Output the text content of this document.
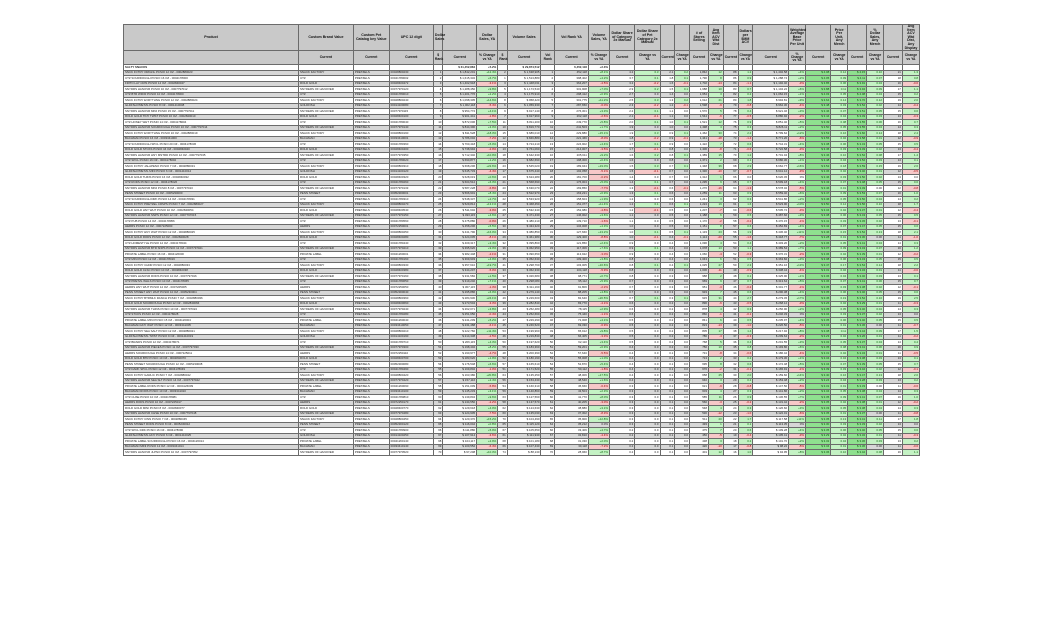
Product	Custom Brand Value	Custom Pet Catalog key Value	UPC 12 digit	Dollar Sales		Dollar Sales, YA		Volume Sales		Vol Rank YA	Volume Sales, YA	Dollar Share of Category 2x Manual	Dollar Share of Pet Category 2x Manual			# of Stores Selling	Avg Item ACV Wtd Dist		Dollars per $MM ACV		Weighted Average Base Price Per Unit		Price Per Unit, Any Merch		% Dollar Sales, Any Merch		Avg Item ACV Wtd Dist, Any Display
	Current	Current	Current	$ Rank	Current	% Change vs YA	$ Rank	Current	Vol Rank	Current	% Change vs YA	Current	Change vs YA	Current	Change vs YA	Current	Change vs YA	Current	Change vs YA	Current	% Change vs YA	Current	Change vs YA	Current	Change vs YA	Current	Change vs YA
SALTY SNACKS					$ 31,452,884	+5.2%		$ 29,874,512		6,452,118	+2.3%																
SNCK FCTRY ORIGNL PCSIO 12 OZ - 0002880023	SNACK FACTORY	PRETZELS	00028800230	1	$ 1,842,201	+12.4%	2	$ 1,638,905	1	452,118	+8.1%	4.2	0.3	2.1	0.2	1,842	12	88	1.2	$ 1,402.58	+4%	$ 4.08	0.12	$ 4.15	0.10	21	1.3
UTZ SOURDOUGH PCSIO 16 OZ - 0004178000	UTZ	PRETZELS	00041780002	2	$ 1,615,332	+6.7%	1	$ 1,513,880	2	398,402	+4.2%	3.7	0.1	1.8	0.1	1,790	8	86	0.9	$ 1,288.74	+2%	$ 4.05	0.09	$ 4.11	0.07	18	0.8
FRITO LAY CRIS PCSIO 14 OZ - 0002840047	ROLD GOLD	PRETZELS	00028400472	3	$ 1,402,918	-3.1%	3	$ 1,448,031	3	364,207	-4.5%	3.2	-0.2	1.6	-0.1	1,702	-14	84	-1.1	$ 1,192.40	-3%	$ 3.85	0.06	$ 3.91	0.04	16	-0.6
SNYDRS HANOVR PCSIO 16 OZ - 0007797012	SNYDERS OF HANOVER	PRETZELS	00077970120	4	$ 1,288,450	+9.8%	5	$ 1,173,540	4	331,908	+7.0%	2.9	0.2	1.5	0.1	1,688	10	83	0.7	$ 1,104.22	+6%	$ 3.88	0.11	$ 3.94	0.09	17	1.1
UTZ BTR WFFR PCSIO 10 OZ - 0004178000	UTZ	PRETZELS	00041780010	5	$ 1,201,776	+2.2%	4	$ 1,175,910	6	298,412	+0.9%	2.7	0.0	1.4	0.0	1,654	3	82	0.2	$ 1,062.15	+1%	$ 4.03	0.05	$ 4.08	0.04	15	0.2
SNCK FCTRY EVRYTHNG PCSIO 12 OZ - 0002880024	SNACK FACTORY	PRETZELS	00028800240	6	$ 1,098,305	+14.6%	8	$ 958,420	5	301,775	+11.2%	2.5	0.3	1.3	0.2	1,612	21	80	1.8	$ 994.81	+9%	$ 3.64	0.14	$ 3.70	0.12	19	2.0
GLDFSH PRETZL PCSIO 8 OZ - 0001410008	GOLDFISH	PRETZELS	00014100080	7	$ 1,002,118	-5.4%	6	$ 1,059,330	7	287,650	-6.0%	2.3	-0.2	1.2	-0.1	1,598	-9	79	-0.8	$ 962.30	-4%	$ 3.48	0.03	$ 3.52	0.02	14	-0.4
SNYDRS HANOVR MINI PCSIO 15 OZ - 0007797011	SNYDERS OF HANOVER	PRETZELS	00077970115	8	$ 954,772	+4.1%	9	$ 917,140	8	276,301	+3.3%	2.2	0.1	1.1	0.0	1,570	5	78	0.4	$ 921.46	+3%	$ 3.46	0.07	$ 3.51	0.05	15	0.6
ROLD GOLD TINY TWST PCSIO 16 OZ - 0002840010	ROLD GOLD	PRETZELS	00028400100	9	$ 901,441	-1.8%	7	$ 917,960	9	262,118	-2.6%	2.1	-0.1	1.1	0.0	1,544	-6	77	-0.5	$ 880.92	-2%	$ 3.44	0.04	$ 3.49	0.03	13	-0.3
UTZ HONEY WHT PCSIO 14 OZ - 0004178004	UTZ	PRETZELS	00041780040	10	$ 872,006	+7.5%	11	$ 811,200	10	249,770	+5.8%	2.0	0.1	1.0	0.1	1,521	12	76	0.9	$ 851.40	+5%	$ 3.49	0.08	$ 3.55	0.06	16	0.7
SNYDRS HANOVR SOURDOUGH PCSIO 16 OZ - 0007797014	SNYDERS OF HANOVER	PRETZELS	00077970140	11	$ 844,390	+3.0%	10	$ 819,770	11	241,503	+1.7%	1.9	0.0	1.0	0.0	1,498	4	75	0.3	$ 826.11	+2%	$ 3.50	0.05	$ 3.55	0.04	14	0.3
SNCK FCTRY EVRYTHNG PCSIO 16 OZ - 0002880019	SNACK FACTORY	PRETZELS	00028800190	12	$ 811,528	+18.3%	15	$ 686,010	12	229,880	+15.1%	1.9	0.3	0.9	0.1	1,462	30	74	2.2	$ 799.62	+12%	$ 3.53	0.16	$ 3.60	0.14	18	2.4
BACHMAN PCSIO 16 OZ - 0003341000	BACHMAN	PRETZELS	00033410001	13	$ 786,002	-7.2%	12	$ 846,880	14	221,466	-8.0%	1.8	-0.2	0.9	-0.1	1,441	-18	73	-1.4	$ 771.20	-6%	$ 3.55	0.02	$ 3.58	0.01	12	-0.9
UTZ SOURDOUGH SPCL PCSIO 20 OZ - 0004178036	UTZ	PRETZELS	00041780360	14	$ 760,418	+5.0%	14	$ 724,210	13	224,902	+4.4%	1.7	0.1	0.9	0.0	1,422	7	72	0.6	$ 744.31	+4%	$ 3.38	0.06	$ 3.43	0.05	15	0.5
ROLD GOLD STCKS PCSIO 16 OZ - 0002840040	ROLD GOLD	PRETZELS	00028400400	15	$ 738,994	-2.9%	13	$ 761,060	15	214,007	-3.5%	1.7	-0.1	0.8	0.0	1,406	-8	71	-0.6	$ 722.58	-3%	$ 3.45	0.03	$ 3.49	0.02	13	-0.4
SNYDRS HANOVR HNY MSTRD PCSIO 12 OZ - 0007797035	SNYDERS OF HANOVER	PRETZELS	00077970350	16	$ 712,340	+10.9%	18	$ 642,330	16	205,611	+9.2%	1.6	0.2	0.8	0.1	1,389	15	70	1.2	$ 701.04	+8%	$ 3.46	0.10	$ 3.52	0.08	17	1.4
UTZ SPCL PCSIO 16 OZ - 0004178002	UTZ	PRETZELS	00041780020	17	$ 690,877	+1.2%	16	$ 682,690	17	198,300	+0.4%	1.6	0.0	0.8	0.0	1,371	2	69	0.1	$ 680.30	+1%	$ 3.48	0.04	$ 3.52	0.03	14	0.1
SNCK FCTRY JALAPENO PCSIO 7 OZ - 0002880031	SNACK FACTORY	PRETZELS	00028800310	18	$ 668,206	+22.6%	23	$ 545,020	19	189,944	+19.0%	1.5	0.3	0.7	0.1	1,348	36	68	2.9	$ 662.77	+16%	$ 3.52	0.18	$ 3.59	0.15	19	2.6
GLDFSH PRETZL MINI PCSIO 6 OZ - 0001410012	GOLDFISH	PRETZELS	00014100120	19	$ 645,733	-4.4%	17	$ 675,440	18	192,058	-5.1%	1.5	-0.1	0.7	0.0	1,330	-10	67	-0.7	$ 641.12	-3%	$ 3.36	0.02	$ 3.40	0.01	12	-0.5
ROLD GOLD THINS PCSIO 16 OZ - 0002840032	ROLD GOLD	PRETZELS	00028400320	20	$ 628,019	+0.6%	19	$ 624,280	20	181,700	-0.2%	1.4	0.0	0.7	0.0	1,312	1	66	0.0	$ 620.45	0%	$ 3.46	0.03	$ 3.50	0.02	13	0.0
UTZ RODS PCSIO 12 OZ - 0004178026	UTZ	PRETZELS	00041780260	21	$ 604,512	+6.3%	21	$ 568,690	21	176,004	+5.0%	1.4	0.1	0.7	0.0	1,295	9	65	0.7	$ 599.18	+4%	$ 3.43	0.07	$ 3.48	0.05	15	0.6
SNYDRS HANOVR MINI PCSIO 8 OZ - 0007797013	SNYDERS OF HANOVER	PRETZELS	00077970133	22	$ 587,228	-6.8%	20	$ 630,070	22	169,850	-7.7%	1.3	-0.1	0.6	-0.1	1,276	-16	64	-1.3	$ 578.02	-5%	$ 3.46	0.01	$ 3.49	0.00	12	-0.8
PENN STREET PCSIO 10 OZ - 0005230000	PENN STREET	PRETZELS	00052300001	23	$ 566,901	+8.4%	24	$ 522,970	23	163,221	+6.9%	1.3	0.1	0.6	0.0	1,259	11	63	0.9	$ 559.40	+6%	$ 3.47	0.09	$ 3.53	0.07	16	1.0
UTZ SOURDOUGH DRK PCSIO 14 OZ - 0004178031	UTZ	PRETZELS	00041780310	24	$ 548,337	+2.7%	22	$ 533,920	24	158,604	+1.9%	1.2	0.0	0.6	0.0	1,241	3	62	0.3	$ 541.86	+2%	$ 3.46	0.05	$ 3.50	0.04	14	0.2
SNCK FCTRY PRETZEL CRSPS PCSIO 7 OZ - 0002880027	SNACK FACTORY	PRETZELS	00028800270	25	$ 529,814	+13.1%	28	$ 468,450	26	151,377	+11.4%	1.2	0.1	0.6	0.1	1,224	19	61	1.6	$ 523.90	+10%	$ 3.50	0.12	$ 3.56	0.10	18	1.7
ROLD GOLD HNY WHT PCSIO 10 OZ - 0002840054	ROLD GOLD	PRETZELS	00028400540	26	$ 511,602	-3.9%	25	$ 532,340	25	152,980	-4.8%	1.2	-0.1	0.5	0.0	1,207	-7	60	-0.6	$ 505.72	-3%	$ 3.34	0.02	$ 3.37	0.01	12	-0.4
SNYDRS HANOVR SNPS PCSIO 12 OZ - 0007797015	SNYDERS OF HANOVER	PRETZELS	00077970150	27	$ 493,115	+4.6%	27	$ 471,430	27	146,002	+3.6%	1.1	0.0	0.5	0.0	1,188	6	59	0.5	$ 487.66	+3%	$ 3.38	0.06	$ 3.43	0.05	15	0.5
UTZ PUB PCSIO 14 OZ - 0004178056	UTZ	PRETZELS	00041780560	28	$ 475,880	-0.9%	26	$ 480,210	28	139,710	-1.6%	1.1	0.0	0.5	0.0	1,170	-2	58	-0.2	$ 470.15	-1%	$ 3.41	0.03	$ 3.45	0.02	13	-0.1
HERRS PCSIO 12 OZ - 0007225000	HERRS	PRETZELS	00072250001	29	$ 458,206	+5.5%	30	$ 434,320	29	134,008	+4.3%	1.0	0.0	0.5	0.0	1,151	8	57	0.6	$ 452.83	+4%	$ 3.42	0.07	$ 3.47	0.05	15	0.6
SNCK FCTRY HNY WHT PCSIO 12 OZ - 0002880025	SNACK FACTORY	PRETZELS	00028800250	30	$ 441,790	+16.0%	34	$ 380,850	31	127,660	+13.2%	1.0	0.1	0.5	0.1	1,133	23	56	1.9	$ 436.40	+11%	$ 3.46	0.15	$ 3.52	0.13	18	2.1
ROLD GOLD RODS PCSIO 12 OZ - 0002840028	ROLD GOLD	PRETZELS	00028400280	31	$ 424,005	-8.1%	29	$ 461,380	30	129,400	-8.8%	1.0	-0.1	0.4	-0.1	1,114	-20	55	-1.6	$ 418.77	-7%	$ 3.28	0.01	$ 3.30	0.00	11	-1.0
UTZ HOMESTYLE PCSIO 12 OZ - 0004178044	UTZ	PRETZELS	00041780440	32	$ 409,317	+3.4%	32	$ 395,860	32	121,850	+2.4%	0.9	0.0	0.4	0.0	1,096	4	54	0.4	$ 403.20	+2%	$ 3.36	0.05	$ 3.41	0.04	14	0.3
SNYDRS HANOVR BTR SNPS PCSIO 12 OZ - 0007797021	SNYDERS OF HANOVER	PRETZELS	00077970210	33	$ 395,620	+9.0%	36	$ 362,950	33	117,306	+7.6%	0.9	0.1	0.4	0.0	1,078	13	53	1.1	$ 389.54	+7%	$ 3.37	0.09	$ 3.43	0.07	16	1.2
PRIVATE LABEL PCSIO 16 OZ - 0004126000	PRIVATE LABEL	PRETZELS	00041260001	34	$ 382,448	-2.1%	31	$ 390,650	34	113,922	-3.0%	0.9	0.0	0.4	0.0	1,060	-4	52	-0.3	$ 376.31	-2%	$ 3.36	0.02	$ 3.39	0.01	12	-0.2
UTZ MINI PCSIO 12 OZ - 0004178016	UTZ	PRETZELS	00041780160	35	$ 369,903	+4.9%	35	$ 352,630	35	109,400	+3.8%	0.8	0.0	0.4	0.0	1,043	6	51	0.5	$ 363.82	+3%	$ 3.38	0.06	$ 3.43	0.05	15	0.5
SNCK FCTRY CHDR PCSIO 12 OZ - 0002880033	SNACK FACTORY	PRETZELS	00028800330	36	$ 357,610	+19.7%	41	$ 298,760	37	103,005	+16.6%	0.8	0.1	0.4	0.1	1,025	27	50	2.3	$ 351.16	+13%	$ 3.47	0.17	$ 3.54	0.14	18	2.2
ROLD GOLD CLSC PCSIO 10 OZ - 0002840038	ROLD GOLD	PRETZELS	00028400380	37	$ 344,207	-5.0%	33	$ 362,330	36	104,118	-5.9%	0.8	0.0	0.3	0.0	1,006	-11	49	-0.9	$ 338.44	-4%	$ 3.31	0.02	$ 3.34	0.01	11	-0.6
SNYDRS HANOVR RODS PCSIO 10 OZ - 0007797016	SNYDERS OF HANOVER	PRETZELS	00077970160	38	$ 331,582	+1.5%	37	$ 326,680	38	98,771	+0.7%	0.8	0.0	0.3	0.0	988	2	48	0.1	$ 325.90	+1%	$ 3.36	0.04	$ 3.40	0.03	13	0.1
UTZ PRETZL WHLS PCSIO 10 OZ - 0004178065	UTZ	PRETZELS	00041780650	39	$ 319,240	+7.1%	40	$ 298,080	39	95,112	+5.9%	0.7	0.0	0.3	0.0	969	9	47	0.7	$ 313.64	+5%	$ 3.36	0.07	$ 3.41	0.06	15	0.7
HERRS HNY WHT PCSIO 12 OZ - 0007225005	HERRS	PRETZELS	00072250050	40	$ 307,115	-1.3%	38	$ 311,160	40	91,806	-2.2%	0.7	0.0	0.3	0.0	951	-3	46	-0.2	$ 301.77	-1%	$ 3.35	0.03	$ 3.38	0.02	12	-0.1
PENN STREET HNY WHT PCSIO 10 OZ - 0005230004	PENN STREET	PRETZELS	00052300040	41	$ 295,886	+6.0%	42	$ 279,140	41	88,205	+4.8%	0.7	0.0	0.3	0.0	933	7	45	0.6	$ 290.38	+4%	$ 3.35	0.06	$ 3.40	0.05	15	0.6
SNCK FCTRY BTRMLK RANCH PCSIO 7 OZ - 0002880036	SNACK FACTORY	PRETZELS	00028800360	42	$ 284,930	+24.1%	49	$ 229,600	43	82,640	+20.5%	0.7	0.1	0.3	0.1	915	31	44	2.7	$ 279.45	+17%	$ 3.45	0.19	$ 3.52	0.16	19	2.5
ROLD GOLD SOURDOUGH PCSIO 12 OZ - 0002840066	ROLD GOLD	PRETZELS	00028400660	43	$ 273,504	-3.3%	39	$ 282,840	42	83,770	-4.1%	0.6	0.0	0.2	0.0	896	-6	43	-0.5	$ 268.12	-3%	$ 3.26	0.02	$ 3.29	0.01	11	-0.3
SNYDRS HANOVR THINS PCSIO 10 OZ - 0007797024	SNYDERS OF HANOVER	PRETZELS	00077970240	44	$ 262,071	+3.8%	43	$ 252,480	44	78,115	+2.9%	0.6	0.0	0.2	0.0	878	4	42	0.3	$ 256.90	+2%	$ 3.35	0.05	$ 3.40	0.04	14	0.3
UTZ STCKS PCSIO 12 OZ - 0004178028	UTZ	PRETZELS	00041780280	45	$ 251,650	-0.4%	44	$ 252,660	45	75,440	-1.1%	0.6	0.0	0.2	0.0	860	-1	41	-0.1	$ 246.33	0%	$ 3.34	0.03	$ 3.37	0.02	13	0.0
PRIVATE LABEL MINI PCSIO 15 OZ - 0004126004	PRIVATE LABEL	PRETZELS	00041260040	46	$ 241,209	+5.2%	47	$ 229,290	46	72,008	+4.1%	0.5	0.0	0.2	0.0	841	6	40	0.5	$ 235.97	+4%	$ 3.35	0.06	$ 3.40	0.05	15	0.5
BACHMAN HNY WHT PCSIO 12 OZ - 0003341005	BACHMAN	PRETZELS	00033410050	47	$ 231,488	-6.1%	45	$ 246,520	47	69,330	-6.9%	0.5	0.0	0.2	0.0	823	-13	39	-1.0	$ 226.50	-5%	$ 3.34	0.01	$ 3.36	0.00	11	-0.7
SNCK FCTRY SEA SALT PCSIO 12 OZ - 0002880021	SNACK FACTORY	PRETZELS	00028800210	48	$ 222,760	+11.4%	53	$ 199,960	49	65,912	+9.8%	0.5	0.0	0.2	0.0	805	17	38	1.4	$ 217.92	+8%	$ 3.38	0.11	$ 3.44	0.09	17	1.5
GLDFSH PRETZL TWST PCSIO 9 OZ - 0001410019	GOLDFISH	PRETZELS	00014100190	49	$ 214,338	-2.5%	46	$ 219,830	48	66,405	-3.3%	0.5	0.0	0.2	0.0	786	-4	37	-0.3	$ 209.64	-2%	$ 3.23	0.02	$ 3.26	0.01	11	-0.2
UTZ BRAIDS PCSIO 12 OZ - 0004178071	UTZ	PRETZELS	00041780710	50	$ 206,115	+4.3%	50	$ 197,620	50	62,110	+3.4%	0.5	0.0	0.2	0.0	768	5	36	0.4	$ 201.55	+3%	$ 3.32	0.05	$ 3.37	0.04	14	0.4
SNYDRS HANOVR PIECES PCSIO 11 OZ - 0007797030	SNYDERS OF HANOVER	PRETZELS	00077970300	51	$ 198,402	+8.2%	55	$ 183,360	51	59,201	+6.9%	0.4	0.0	0.2	0.0	750	10	35	0.8	$ 193.80	+6%	$ 3.35	0.08	$ 3.41	0.06	16	0.9
HERRS SOURDOUGH PCSIO 14 OZ - 0007225011	HERRS	PRETZELS	00072250110	52	$ 190,977	-4.7%	48	$ 200,390	52	57,640	-5.5%	0.4	0.0	0.1	0.0	731	-8	34	-0.6	$ 186.42	-4%	$ 3.31	0.02	$ 3.34	0.01	11	-0.5
ROLD GOLD BTR PCSIO 10 OZ - 0002840070	ROLD GOLD	PRETZELS	00028400700	53	$ 183,620	+1.9%	52	$ 180,190	53	55,008	+1.0%	0.4	0.0	0.1	0.0	713	2	33	0.2	$ 179.30	+1%	$ 3.34	0.04	$ 3.38	0.03	13	0.1
PENN STREET SOURDOUGH PCSIO 12 OZ - 0005230008	PENN STREET	PRETZELS	00052300080	54	$ 176,548	+6.6%	57	$ 165,610	54	52,870	+5.4%	0.4	0.0	0.1	0.0	695	8	32	0.6	$ 172.48	+5%	$ 3.34	0.07	$ 3.39	0.05	15	0.7
UTZ DARK SPCL PCSIO 12 OZ - 0004178049	UTZ	PRETZELS	00041780490	55	$ 169,802	-1.0%	51	$ 171,520	55	50,112	-1.8%	0.4	0.0	0.1	0.0	676	-2	31	-0.1	$ 165.91	-1%	$ 3.39	0.03	$ 3.42	0.02	12	-0.1
SNCK FCTRY GARLIC PCSIO 7 OZ - 0002880042	SNACK FACTORY	PRETZELS	00028800420	56	$ 163,380	+20.8%	64	$ 135,250	57	48,006	+17.5%	0.4	0.0	0.1	0.0	658	25	30	2.0	$ 159.60	+14%	$ 3.40	0.16	$ 3.47	0.13	18	2.0
SNYDRS HANOVR SEA SLT PCSIO 14 OZ - 0007797042	SNYDERS OF HANOVER	PRETZELS	00077970420	57	$ 157,116	+2.4%	56	$ 153,430	56	48,540	+1.6%	0.4	0.0	0.1	0.0	640	3	29	0.2	$ 153.48	+2%	$ 3.24	0.04	$ 3.28	0.03	13	0.2
PRIVATE LABEL RODS PCSIO 12 OZ - 0004126009	PRIVATE LABEL	PRETZELS	00041260090	58	$ 151,009	-5.8%	54	$ 160,310	58	45,660	-6.4%	0.3	0.0	0.1	0.0	621	-9	28	-0.8	$ 147.50	-5%	$ 3.31	0.01	$ 3.33	0.00	11	-0.6
BACHMAN RODS PCSIO 10 OZ - 0003341010	BACHMAN	PRETZELS	00033410100	59	$ 145,233	+3.1%	59	$ 140,860	59	43,504	+2.3%	0.3	0.0	0.1	0.0	603	4	27	0.3	$ 141.86	+2%	$ 3.34	0.05	$ 3.38	0.04	14	0.3
UTZ CHSE PCSIO 10 OZ - 0004178081	UTZ	PRETZELS	00041780810	60	$ 139,804	+9.6%	63	$ 127,560	60	41,770	+8.0%	0.3	0.0	0.1	0.0	585	11	26	0.9	$ 136.55	+7%	$ 3.35	0.09	$ 3.41	0.07	16	1.0
HERRS RODS PCSIO 10 OZ - 0007225017	HERRS	PRETZELS	00072250170	61	$ 134,550	-2.2%	58	$ 137,570	61	40,205	-3.0%	0.3	0.0	0.1	0.0	566	-3	25	-0.2	$ 131.42	-2%	$ 3.35	0.02	$ 3.38	0.01	12	-0.2
ROLD GOLD MINI PCSIO 8 OZ - 0002840077	ROLD GOLD	PRETZELS	00028400770	62	$ 129,618	+4.0%	62	$ 124,630	62	38,880	+3.1%	0.3	0.0	0.1	0.0	548	4	24	0.3	$ 126.60	+3%	$ 3.33	0.05	$ 3.38	0.04	14	0.3
SNYDRS HANOVR CHSE PCSIO 10 OZ - 0007797048	SNYDERS OF HANOVER	PRETZELS	00077970480	63	$ 124,905	-7.5%	60	$ 135,030	63	37,302	-8.3%	0.3	0.0	0.1	0.0	530	-12	23	-1.0	$ 122.01	-6%	$ 3.35	0.01	$ 3.37	0.00	11	-0.8
SNCK FCTRY CINN PCSIO 7 OZ - 0002880045	SNACK FACTORY	PRETZELS	00028800450	64	$ 120,370	+15.2%	70	$ 104,490	65	35,900	+12.8%	0.3	0.0	0.1	0.0	511	20	22	1.7	$ 117.58	+11%	$ 3.35	0.13	$ 3.41	0.11	17	1.8
PENN STREET RODS PCSIO 8 OZ - 0005230012	PENN STREET	PRETZELS	00052300120	65	$ 116,042	+0.8%	65	$ 115,120	64	35,212	0.0%	0.3	0.0	0.1	0.0	493	1	21	0.1	$ 113.35	0%	$ 3.30	0.03	$ 3.33	0.02	13	0.0
UTZ SPCL DRK PCSIO 16 OZ - 0004178090	UTZ	PRETZELS	00041780900	66	$ 111,880	+5.9%	67	$ 105,650	66	33,406	+4.7%	0.2	0.0	0.1	0.0	475	7	20	0.6	$ 109.28	+4%	$ 3.35	0.06	$ 3.40	0.05	15	0.6
GLDFSH PRETZL HNY PCSIO 6 OZ - 0001410025	GOLDFISH	PRETZELS	00014100250	67	$ 107,914	-3.6%	61	$ 111,940	67	32,810	-4.4%	0.2	0.0	0.1	0.0	456	-5	19	-0.4	$ 105.41	-3%	$ 3.29	0.02	$ 3.32	0.01	11	-0.3
PRIVATE LABEL SOURDOUGH PCSIO 16 OZ - 0004126014	PRIVATE LABEL	PRETZELS	00041260140	68	$ 104,117	+2.9%	68	$ 101,180	68	31,330	+2.0%	0.2	0.0	0.1	0.0	438	3	18	0.2	$ 101.70	+2%	$ 3.32	0.04	$ 3.36	0.03	13	0.2
BACHMAN MINI PCSIO 12 OZ - 0003341014	BACHMAN	PRETZELS	00033410140	69	$ 100,552	-6.4%	66	$ 107,430	69	30,118	-7.2%	0.2	0.0	0.1	0.0	420	-10	17	-0.8	$ 98.22	-5%	$ 3.34	0.01	$ 3.36	0.00	11	-0.6
SNYDRS HANOVR JLPNO PCSIO 10 OZ - 0007797052	SNYDERS OF HANOVER	PRETZELS	00077970520	70	$ 97,208	+10.3%	74	$ 88,130	70	28,960	+8.7%	0.2	0.0	0.1	0.0	401	12	16	1.0	$ 94.95	+8%	$ 3.36	0.10	$ 3.42	0.08	16	1.1
